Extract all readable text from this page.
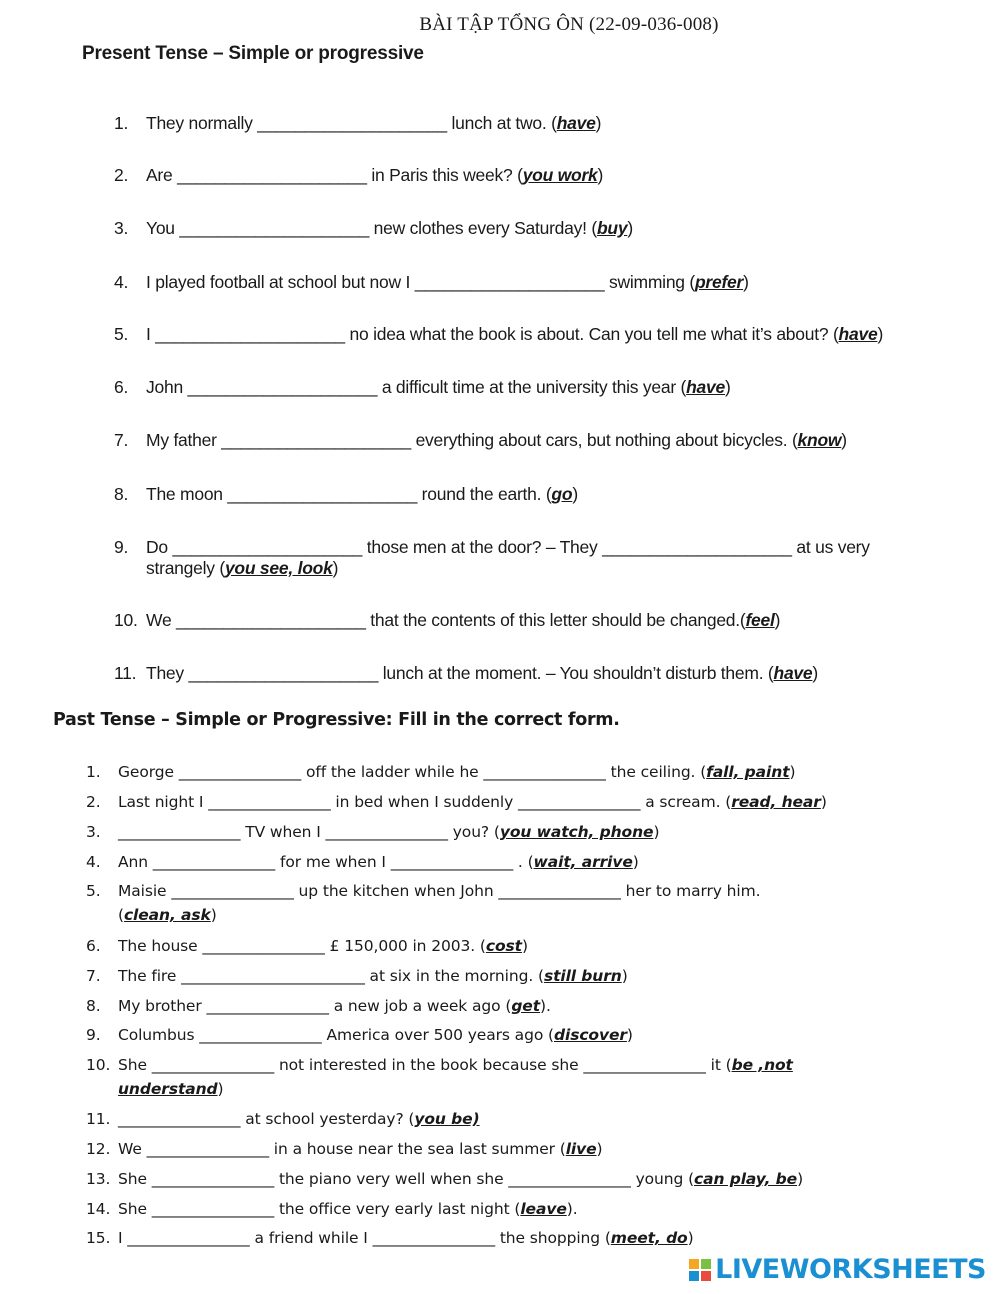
BÀI TẬP TỔNG ÔN (22-09-036-008)
Present Tense – Simple or progressive
1. They normally ____________________ lunch at two. (have)
2. Are ____________________ in Paris this week? (you work)
3. You ____________________ new clothes every Saturday! (buy)
4. I played football at school but now I ____________________ swimming (prefer)
5. I ____________________ no idea what the book is about. Can you tell me what it’s about? (have)
6. John ____________________ a difficult time at the university this year (have)
7. My father ____________________ everything about cars, but nothing about bicycles. (know)
8. The moon ____________________ round the earth. (go)
9. Do ____________________ those men at the door? – They ____________________ at us very
strangely (you see, look)
10. We ____________________ that the contents of this letter should be changed.(feel)
11. They ____________________ lunch at the moment. – You shouldn’t disturb them. (have)
Past Tense – Simple or Progressive: Fill in the correct form.
1. George ________________ off the ladder while he ________________ the ceiling. (fall, paint)
2. Last night I ________________ in bed when I suddenly ________________ a scream. (read, hear)
3. ________________ TV when I ________________ you? (you watch, phone)
4. Ann ________________ for me when I ________________ . (wait, arrive)
5. Maisie ________________ up the kitchen when John ________________ her to marry him.
(clean, ask)
6. The house ________________ £ 150,000 in 2003. (cost)
7. The fire ________________________ at six in the morning. (still burn)
8. My brother ________________ a new job a week ago (get).
9. Columbus ________________ America over 500 years ago (discover)
10. She ________________ not interested in the book because she ________________ it (be ,not
understand)
11. ________________ at school yesterday? (you be)
12. We ________________ in a house near the sea last summer (live)
13. She ________________ the piano very well when she ________________ young (can play, be)
14. She ________________ the office very early last night (leave).
15. I ________________ a friend while I ________________ the shopping (meet, do)
LIVEWORKSHEETS
